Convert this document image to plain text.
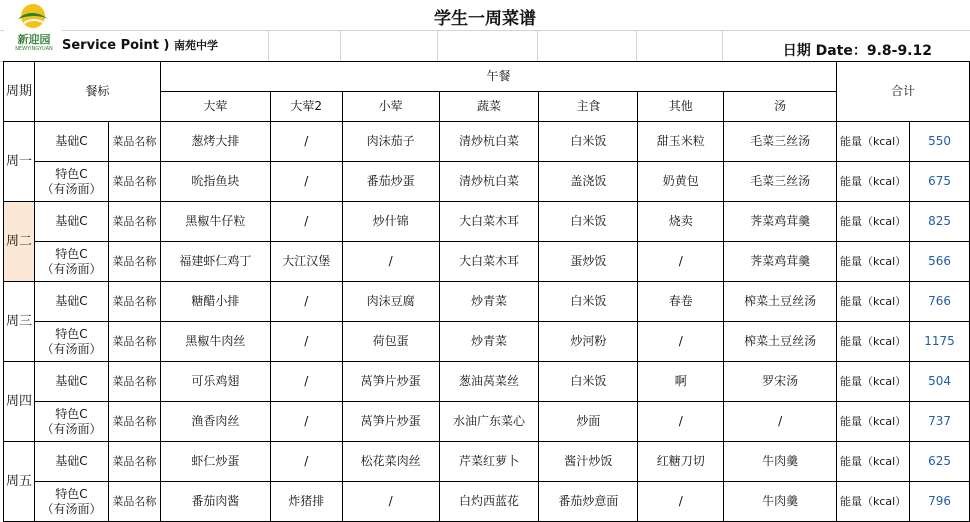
学生一周菜谱
新迎园
NEWYINGYUAN Service Point ) 南苑中学	日期 Date：9.8-9.12
周期	餐标		午餐							合计	
			大荤	大荤2	小荤	蔬菜	主食	其他	汤		
周一	基础C	菜品名称	葱烤大排	/	肉沫茄子	清炒杭白菜	白米饭	甜玉米粒	毛菜三丝汤	能量（kcal）	550

	特色C
（有汤面）	菜品名称	吮指鱼块	/	番茄炒蛋	清炒杭白菜	盖浇饭	奶黄包	毛菜三丝汤	能量（kcal）	675
周二	基础C	菜品名称	黑椒牛仔粒	/	炒什锦	大白菜木耳	白米饭	烧卖	荠菜鸡茸羹	能量（kcal）	825

	特色C
（有汤面）	菜品名称	福建虾仁鸡丁	大江汉堡	/	大白菜木耳	蛋炒饭	/	荠菜鸡茸羹	能量（kcal）	566
周三	基础C	菜品名称	糖醋小排	/	肉沫豆腐	炒青菜	白米饭	春卷	榨菜土豆丝汤	能量（kcal）	766

	特色C
（有汤面）	菜品名称	黑椒牛肉丝	/	荷包蛋	炒青菜	炒河粉	/	榨菜土豆丝汤	能量（kcal）	1175
周四	基础C	菜品名称	可乐鸡翅	/	莴笋片炒蛋	葱油莴菜丝	白米饭	啊	罗宋汤	能量（kcal）	504

	特色C
（有汤面）	菜品名称	渔香肉丝	/	莴笋片炒蛋	水油广东菜心	炒面	/	/	能量（kcal）	737
周五	基础C	菜品名称	虾仁炒蛋	/	松花菜肉丝	芹菜红萝卜	酱汁炒饭	红糖刀切	牛肉羹	能量（kcal）	625

	特色C
（有汤面）	菜品名称	番茄肉酱	炸猪排	/	白灼西蓝花	番茄炒意面	/	牛肉羹	能量（kcal）	796
